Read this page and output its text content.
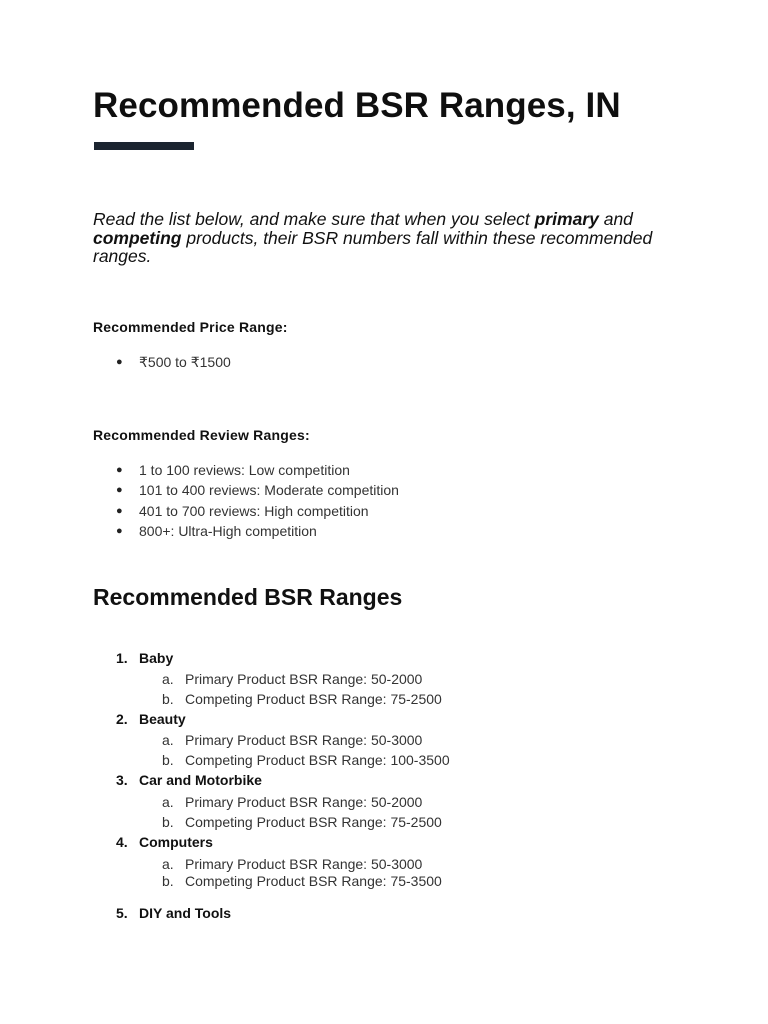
Recommended BSR Ranges, IN

Read the list below, and make sure that when you select primary and competing products, their BSR numbers fall within these recommended ranges.

Recommended Price Range:

● ₹500 to ₹1500

Recommended Review Ranges:

● 1 to 100 reviews: Low competition
● 101 to 400 reviews: Moderate competition
● 401 to 700 reviews: High competition
● 800+: Ultra-High competition
Recommended BSR Ranges
1. Baby
a. Primary Product BSR Range: 50-2000
b. Competing Product BSR Range: 75-2500
2. Beauty
a. Primary Product BSR Range: 50-3000
b. Competing Product BSR Range: 100-3500
3. Car and Motorbike
a. Primary Product BSR Range: 50-2000
b. Competing Product BSR Range: 75-2500
4. Computers
a. Primary Product BSR Range: 50-3000
b. Competing Product BSR Range: 75-3500
5. DIY and Tools
